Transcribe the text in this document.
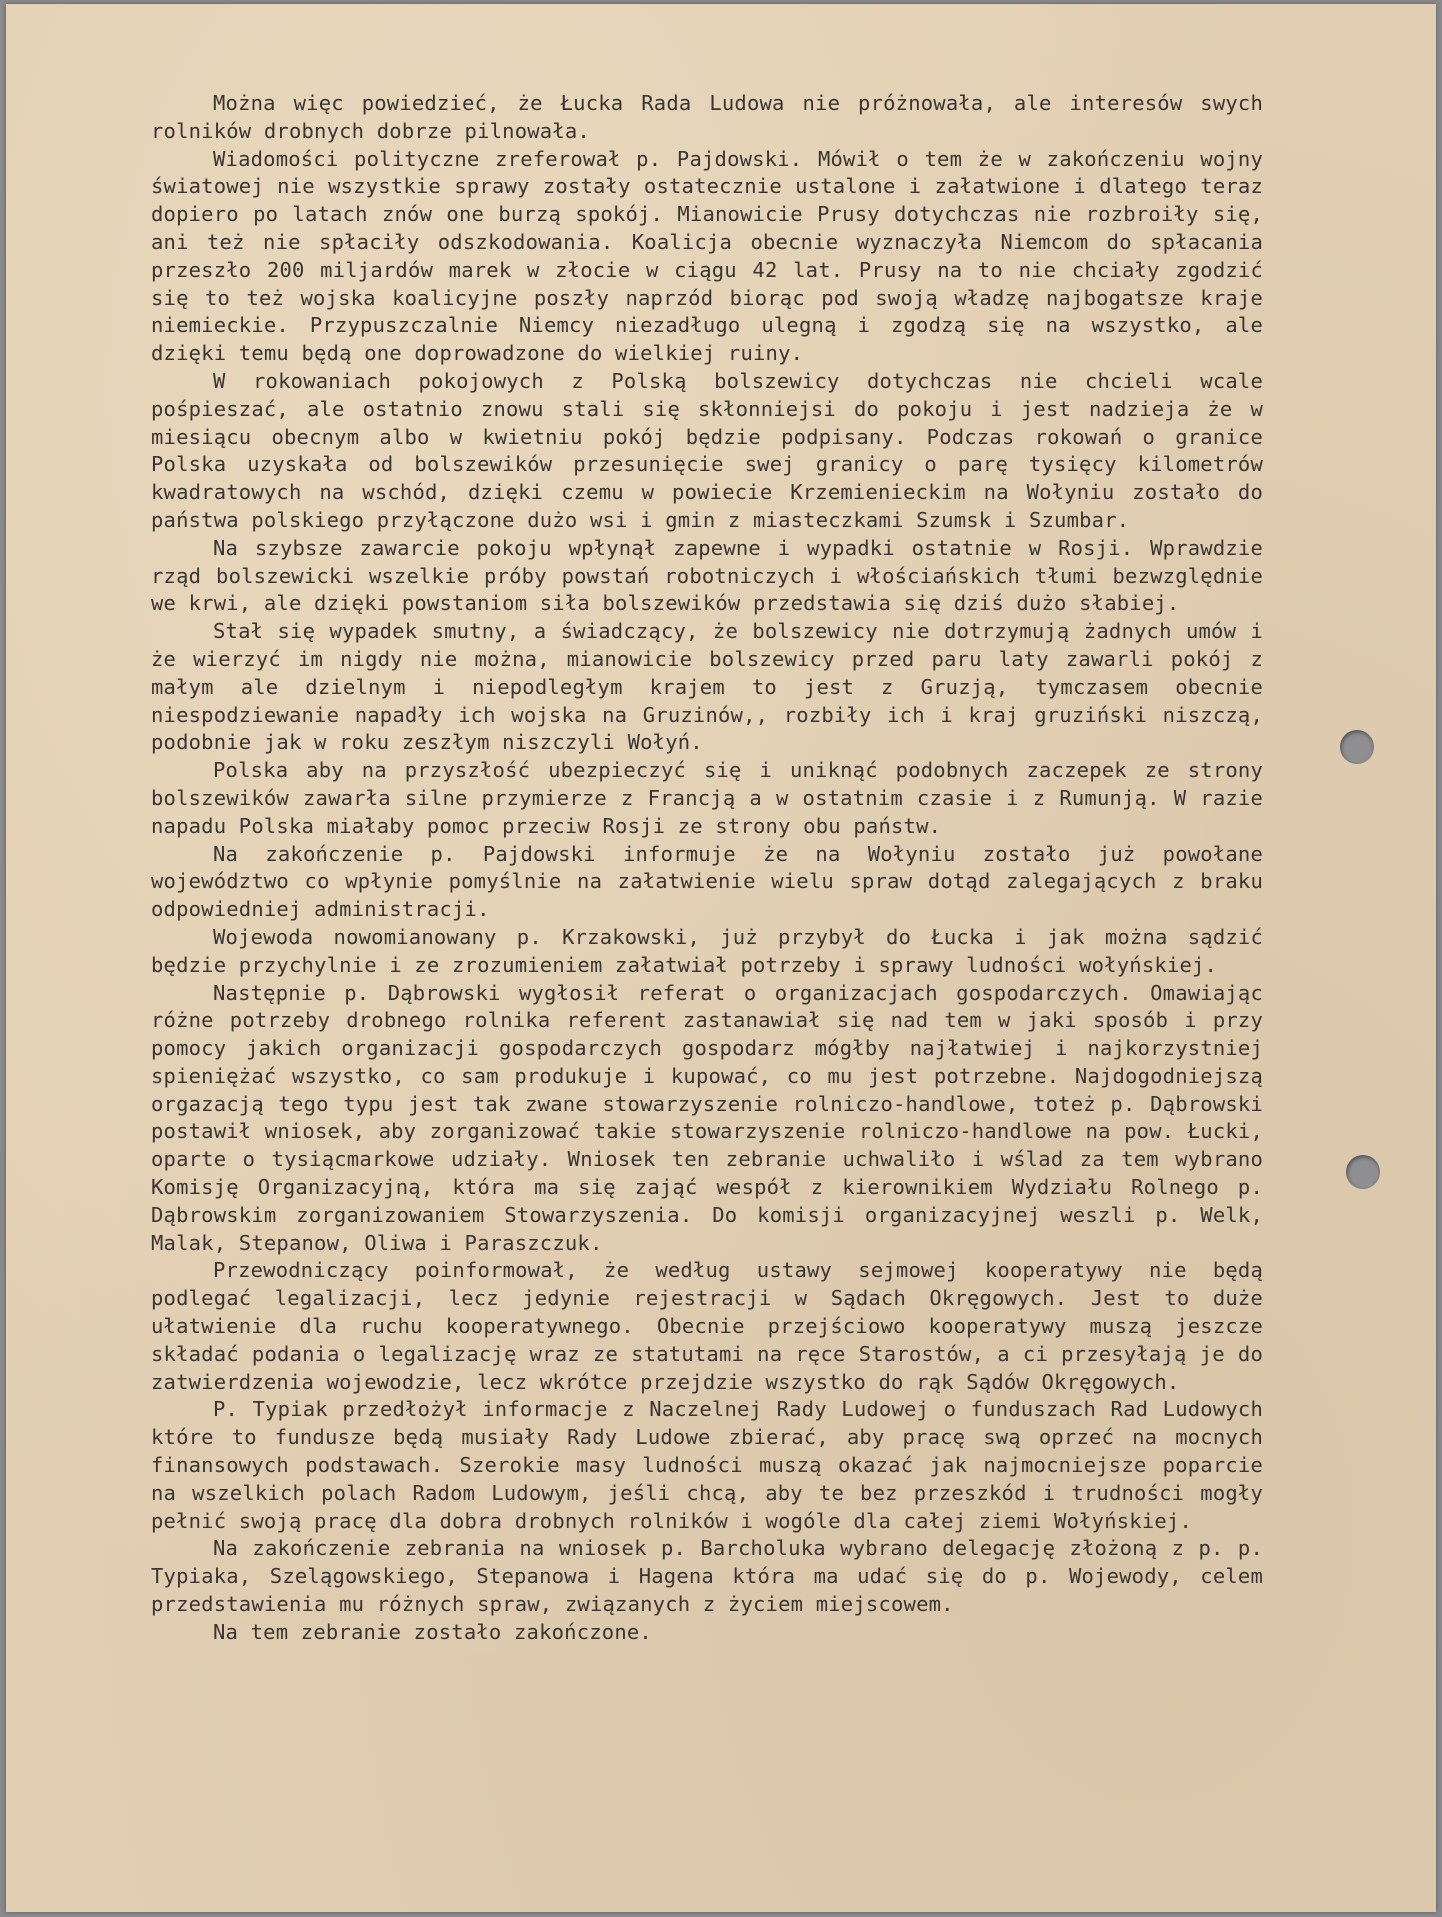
Można więc powiedzieć, że Łucka Rada Ludowa nie próżnowała, ale interesów swych rolników drobnych dobrze pilnowała.

Wiadomości polityczne zreferował p. Pajdowski. Mówił o tem że w zakończeniu wojny światowej nie wszystkie sprawy zostały ostatecznie ustalone i załatwione i dlatego teraz dopiero po latach znów one burzą spokój. Mianowicie Prusy dotychczas nie rozbroiły się, ani też nie spłaciły odszkodowania. Koalicja obecnie wyznaczyła Niemcom do spłacania przeszło 200 miljardów marek w złocie w ciągu 42 lat. Prusy na to nie chciały zgodzić się to też wojska koalicyjne poszły naprzód biorąc pod swoją władzę najbogatsze kraje niemieckie. Przypuszczalnie Niemcy niezadługo ulegną i zgodzą się na wszystko, ale dzięki temu będą one doprowadzone do wielkiej ruiny.

W rokowaniach pokojowych z Polską bolszewicy dotychczas nie chcieli wcale pośpieszać, ale ostatnio znowu stali się skłonniejsi do pokoju i jest nadzieja że w miesiącu obecnym albo w kwietniu pokój będzie podpisany. Podczas rokowań o granice Polska uzyskała od bolszewików przesunięcie swej granicy o parę tysięcy kilometrów kwadratowych na wschód, dzięki czemu w powiecie Krzemienieckim na Wołyniu zostało do państwa polskiego przyłączone dużo wsi i gmin z miasteczkami Szumsk i Szumbar.

Na szybsze zawarcie pokoju wpłynął zapewne i wypadki ostatnie w Rosji. Wprawdzie rząd bolszewicki wszelkie próby powstań robotniczych i włościańskich tłumi bezwzględnie we krwi, ale dzięki powstaniom siła bolszewików przedstawia się dziś dużo słabiej.

Stał się wypadek smutny, a świadczący, że bolszewicy nie dotrzymują żadnych umów i że wierzyć im nigdy nie można, mianowicie bolszewicy przed paru laty zawarli pokój z małym ale dzielnym i niepodległym krajem to jest z Gruzją, tymczasem obecnie niespodziewanie napadły ich wojska na Gruzinów,, rozbiły ich i kraj gruziński niszczą, podobnie jak w roku zeszłym niszczyli Wołyń.

Polska aby na przyszłość ubezpieczyć się i uniknąć podobnych zaczepek ze strony bolszewików zawarła silne przymierze z Francją a w ostatnim czasie i z Rumunją. W razie napadu Polska miałaby pomoc przeciw Rosji ze strony obu państw.

Na zakończenie p. Pajdowski informuje że na Wołyniu zostało już powołane województwo co wpłynie pomyślnie na załatwienie wielu spraw dotąd zalegających z braku odpowiedniej administracji.

Wojewoda nowomianowany p. Krzakowski, już przybył do Łucka i jak można sądzić będzie przychylnie i ze zrozumieniem załatwiał potrzeby i sprawy ludności wołyńskiej.

Następnie p. Dąbrowski wygłosił referat o organizacjach gospodarczych. Omawiając różne potrzeby drobnego rolnika referent zastanawiał się nad tem w jaki sposób i przy pomocy jakich organizacji gospodarczych gospodarz mógłby najłatwiej i najkorzystniej spieniężać wszystko, co sam produkuje i kupować, co mu jest potrzebne. Najdogodniejszą orgazacją tego typu jest tak zwane stowarzyszenie rolniczo-handlowe, toteż p. Dąbrowski postawił wniosek, aby zorganizować takie stowarzyszenie rolniczo-handlowe na pow. Łucki, oparte o tysiącmarkowe udziały. Wniosek ten zebranie uchwaliło i wślad za tem wybrano Komisję Organizacyjną, która ma się zająć wespół z kierownikiem Wydziału Rolnego p. Dąbrowskim zorganizowaniem Stowarzyszenia. Do komisji organizacyjnej weszli p. Welk, Malak, Stepanow, Oliwa i Paraszczuk.

Przewodniczący poinformował, że według ustawy sejmowej kooperatywy nie będą podlegać legalizacji, lecz jedynie rejestracji w Sądach Okręgowych. Jest to duże ułatwienie dla ruchu kooperatywnego. Obecnie przejściowo kooperatywy muszą jeszcze składać podania o legalizację wraz ze statutami na ręce Starostów, a ci przesyłają je do zatwierdzenia wojewodzie, lecz wkrótce przejdzie wszystko do rąk Sądów Okręgowych.

P. Typiak przedłożył informacje z Naczelnej Rady Ludowej o funduszach Rad Ludowych które to fundusze będą musiały Rady Ludowe zbierać, aby pracę swą oprzeć na mocnych finansowych podstawach. Szerokie masy ludności muszą okazać jak najmocniejsze poparcie na wszelkich polach Radom Ludowym, jeśli chcą, aby te bez przeszkód i trudności mogły pełnić swoją pracę dla dobra drobnych rolników i wogóle dla całej ziemi Wołyńskiej.

Na zakończenie zebrania na wniosek p. Barcholuka wybrano delegację złożoną z p. p. Typiaka, Szelągowskiego, Stepanowa i Hagena która ma udać się do p. Wojewody, celem przedstawienia mu różnych spraw, związanych z życiem miejscowem.

Na tem zebranie zostało zakończone.
